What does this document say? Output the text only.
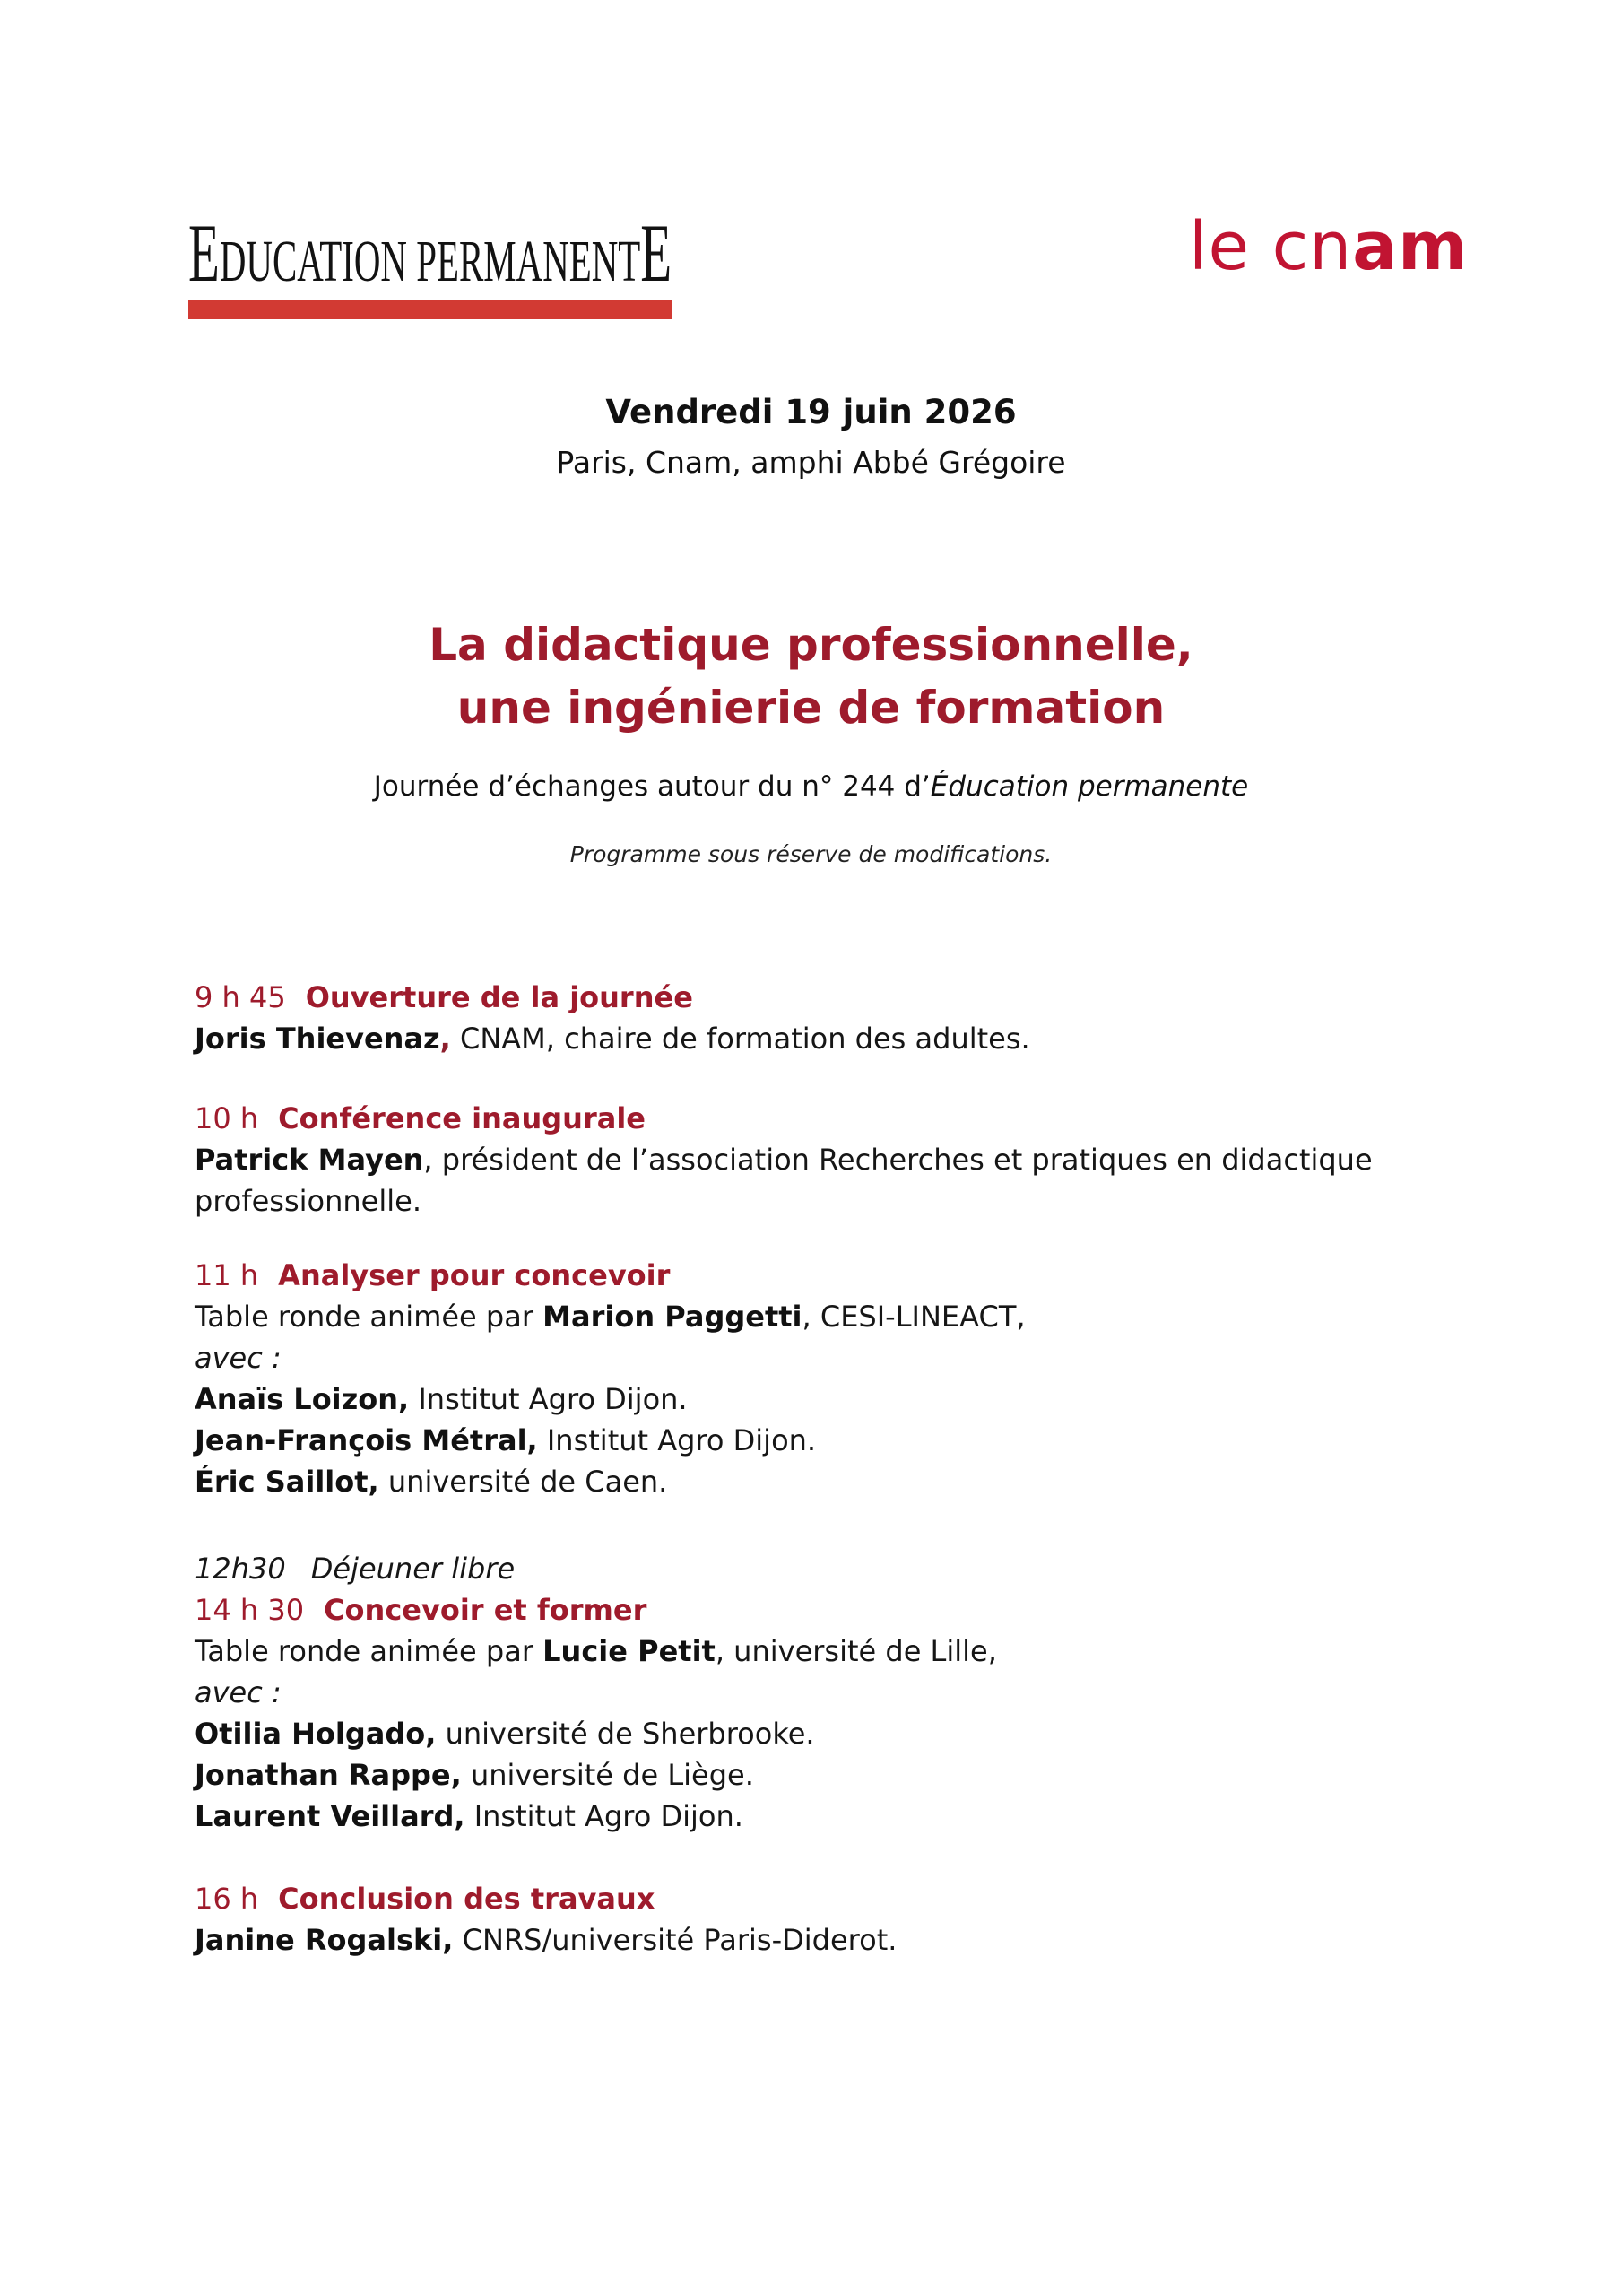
EDUCATION PERMANENTE	le cnam
Vendredi 19 juin 2026
Paris, Cnam, amphi Abbé Grégoire
La didactique professionnelle,
une ingénierie de formation
Journée d’échanges autour du n° 244 d’Éducation permanente
Programme sous réserve de modifications.

9 h 45 Ouverture de la journée

Joris Thievenaz, CNAM, chaire de formation des adultes.

10 h Conférence inaugurale

Patrick Mayen, président de l’association Recherches et pratiques en didactique professionnelle.

11 h Analyser pour concevoir

Table ronde animée par Marion Paggetti, CESI-LINEACT,

avec :

Anaïs Loizon, Institut Agro Dijon.

Jean-François Métral, Institut Agro Dijon.

Éric Saillot, université de Caen.

12h30 Déjeuner libre

14 h 30 Concevoir et former

Table ronde animée par Lucie Petit, université de Lille,

avec :

Otilia Holgado, université de Sherbrooke.

Jonathan Rappe, université de Liège.

Laurent Veillard, Institut Agro Dijon.

16 h Conclusion des travaux

Janine Rogalski, CNRS/université Paris-Diderot.
